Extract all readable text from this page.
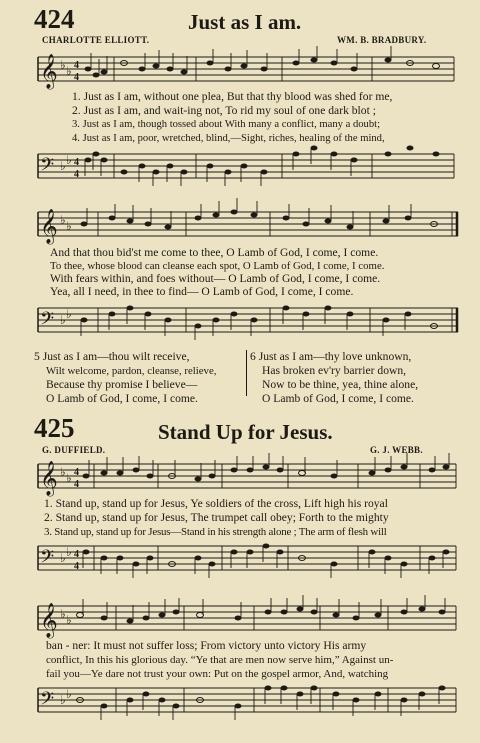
424	Just as I am.
CHARLOTTE ELLIOTT.	WM. B. BRADBURY.
𝄞 ♭ ♭ 4
4
1. Just as I am, without one plea, But that thy blood was shed for me,
2. Just as I am, and wait-ing not, To rid my soul of one dark blot ;
3. Just as I am, though tossed about With many a conflict, many a doubt;
4. Just as I am, poor, wretched, blind,—Sight, riches, healing of the mind,
𝄢 ♭ ♭ 4
4
𝄞 ♭ ♭
And that thou bid'st me come to thee, O Lamb of God, I come, I come.
To thee, whose blood can cleanse each spot, O Lamb of God, I come, I come.
With fears within, and foes without— O Lamb of God, I come, I come.
Yea, all I need, in thee to find— O Lamb of God, I come, I come.
𝄢 ♭ ♭
5 Just as I am—thou wilt receive,
Wilt welcome, pardon, cleanse, relieve,
Because thy promise I believe—
O Lamb of God, I come, I come.
6 Just as I am—thy love unknown,
Has broken ev'ry barrier down,
Now to be thine, yea, thine alone,
O Lamb of God, I come, I come.
425	Stand Up for Jesus.
G. DUFFIELD.	G. J. WEBB.
𝄞 ♭ ♭ 4
4
1. Stand up, stand up for Jesus, Ye soldiers of the cross, Lift high his royal
2. Stand up, stand up for Jesus, The trumpet call obey; Forth to the mighty
3. Stand up, stand up for Jesus—Stand in his strength alone ; The arm of flesh will
𝄢 ♭ ♭ 4
4
𝄞 ♭ ♭
ban - ner: It must not suffer loss; From victory unto victory His army
conflict, In this his glorious day. “Ye that are men now serve him,” Against un-
fail you—Ye dare not trust your own: Put on the gospel armor, And, watching
𝄢 ♭ ♭
